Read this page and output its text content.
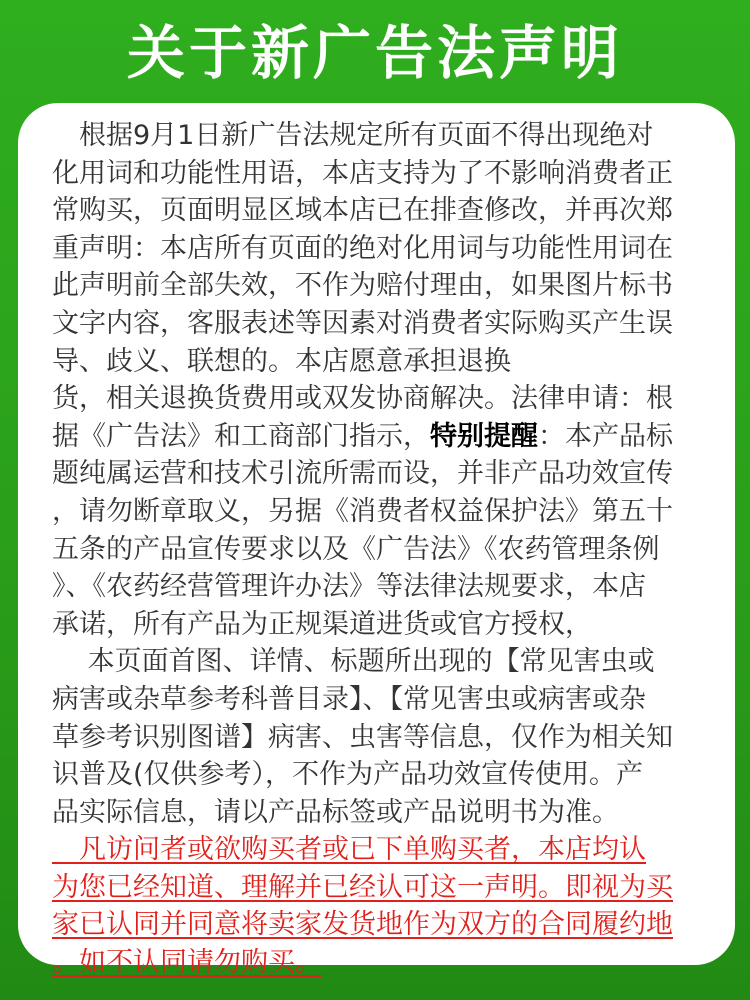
关于新广告法声明

　根据9月1日新广告法规定所有页面不得出现绝对
化用词和功能性用语，本店支持为了不影响消费者正
常购买，页面明显区域本店已在排查修改，并再次郑
重声明：本店所有页面的绝对化用词与功能性用词在
此声明前全部失效，不作为赔付理由，如果图片标书
文字内容，客服表述等因素对消费者实际购买产生误
导、歧义、联想的。本店愿意承担退换
货，相关退换货费用或双发协商解决。法律申请：根
据《广告法》和工商部门指示，特别提醒：本产品标
题纯属运营和技术引流所需而设，并非产品功效宣传
，请勿断章取义，另据《消费者权益保护法》第五十
五条的产品宣传要求以及《广告法》《农药管理条例
》、《农药经营管理许办法》等法律法规要求，本店
承诺，所有产品为正规渠道进货或官方授权，
　 本页面首图、详情、标题所出现的【常见害虫或
病害或杂草参考科普目录】、【常见害虫或病害或杂
草参考识别图谱】病害、虫害等信息，仅作为相关知
识普及(仅供参考），不作为产品功效宣传使用。产
品实际信息，请以产品标签或产品说明书为准。
　凡访问者或欲购买者或已下单购买者，本店均认
为您已经知道、理解并已经认可这一声明。即视为买
家已认同并同意将卖家发货地作为双方的合同履约地
。如不认同请勿购买。
